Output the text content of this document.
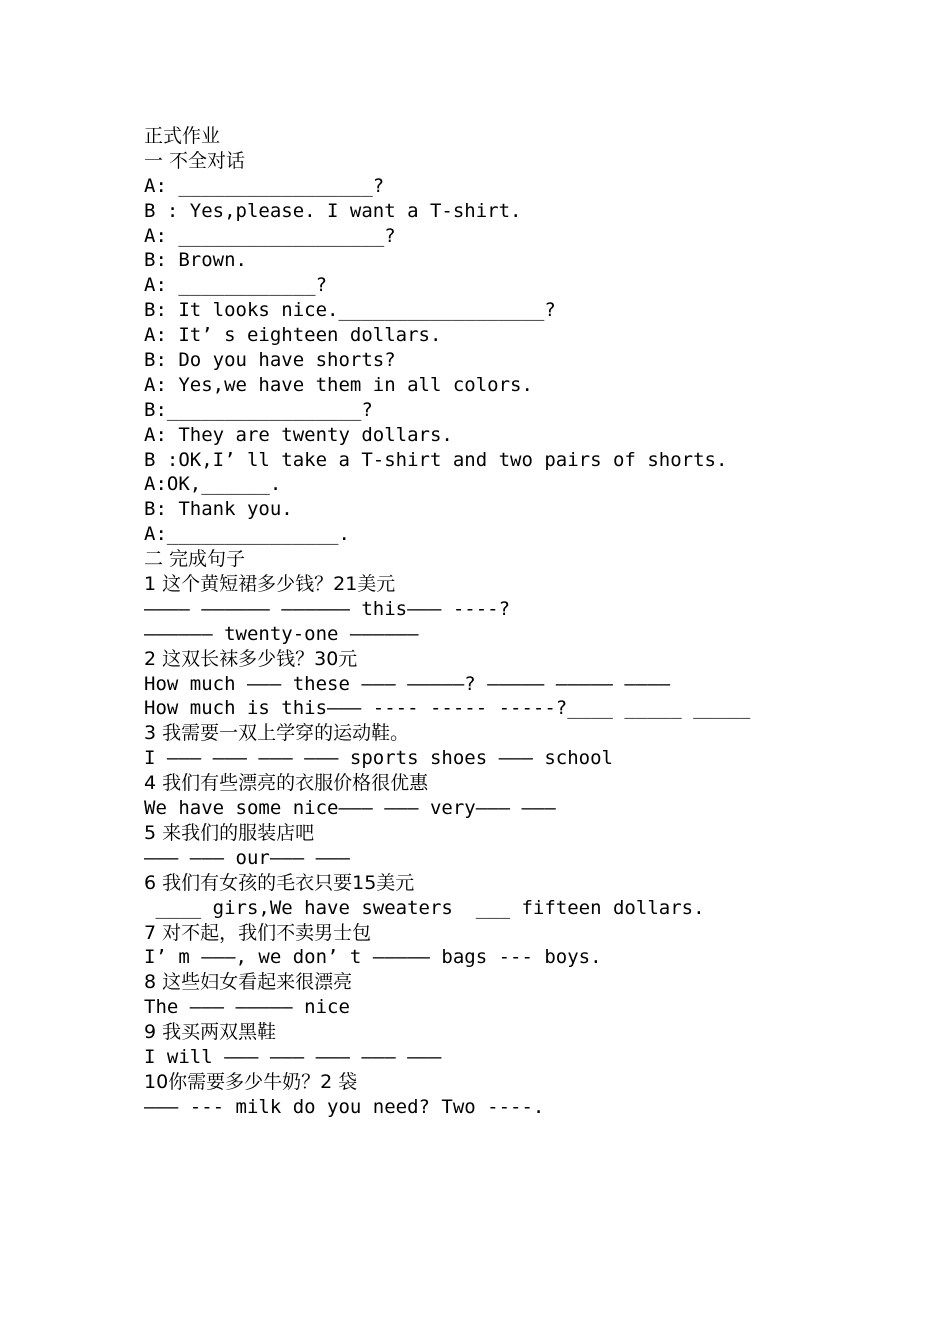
正式作业
一 不全对话
A: _________________?
B : Yes,please. I want a T-shirt.
A: __________________?
B: Brown.
A: ____________?
B: It looks nice.__________________?
A: It’ s eighteen dollars.
B: Do you have shorts?
A: Yes,we have them in all colors.
B:_________________?
A: They are twenty dollars.
B :OK,I’ ll take a T-shirt and two pairs of shorts.
A:OK,______.
B: Thank you.
A:_______________.
二 完成句子
1 这个黄短裙多少钱？21美元
———— —————— —————— this——— ----?
—————— twenty-one ——————
2 这双长袜多少钱？30元
How much ——— these ——— —————? ————— ————— ————
How much is this——— ---- ----- -----?____ _____ _____
3 我需要一双上学穿的运动鞋。
I ——— ——— ——— ——— sports shoes ——— school
4 我们有些漂亮的衣服价格很优惠
We have some nice——— ——— very——— ———
5 来我们的服装店吧
——— ——— our——— ———
6 我们有女孩的毛衣只要15美元
____ girs,We have sweaters  ___ fifteen dollars.
7 对不起，我们不卖男士包
I’ m ———, we don’ t ————— bags --- boys.
8 这些妇女看起来很漂亮
The ——— ————— nice
9 我买两双黑鞋
I will ——— ——— ——— ——— ———
10你需要多少牛奶？2 袋
——— --- milk do you need? Two ----.
